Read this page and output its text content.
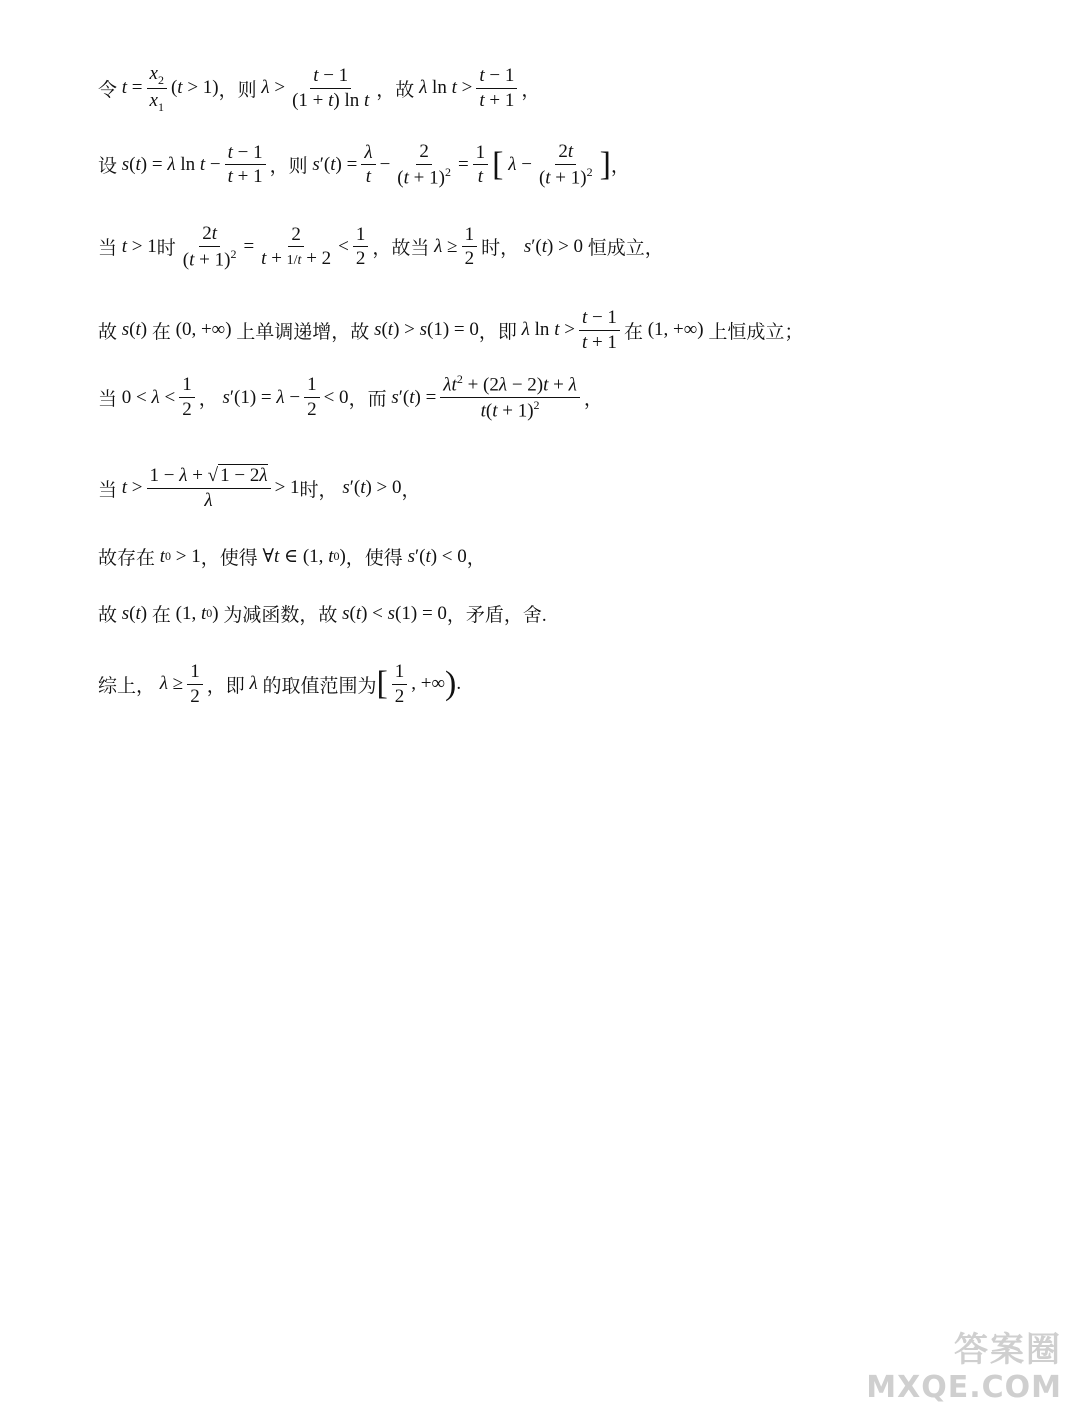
令
$t = \frac{x_2}{x_1}$ ( t > 1) ，则
$\lambda > \frac{t - 1}{\text{(1 + t) ln t}}$ ，故
λ $\ln t > \frac{t - 1}{t + 1}$ ，
设
s ( t ) = λ $\ln t - \frac{t - 1}{t + 1}$ ，则
s ′( t ) = $\frac{\lambda}{t} - \frac{2}{(t + 1)^2} = \frac{1}{t}$ [
$\lambda - \frac{2t}{(t + 1)^2}$ ] ，
当
t > 1 时 $\frac{2t}{(t + 1)^2} = \frac{2}{t + 1/t + 2} < \frac{1}{2}$ ，故当
$\lambda \ge \frac{1}{2}$ 时，
s ′( t ) > 0 恒成立，
故
s ( t ) 在 (0, +∞) 上单调递增，故
s ( t ) > s (1) = 0 ，即
λ $\ln t > \frac{t - 1}{t + 1}$ 在 (1, +∞) 上恒成立；
当 $0 < \lambda < \frac{1}{2}$ ，
s $'(1) = \lambda - \frac{1}{2} < 0$ ，而
s ′( t ) = $\frac{\lambda t^2 + (2\lambda - 2)t + \lambda}{t(t + 1)^2}$ ，
当
$t > \frac{1 - \lambda + √ 1 - 2\lambda}{\lambda} > 1$ 时，
s ′( t ) > 0 ，
故存在
t 0 > 1 ，使得 ∀ t ∈ (1, t 0 ) ，使得
s ′( t ) < 0 ，
故
s ( t ) 在 (1, t 0 ) 为减函数，故
s ( t ) < s (1) = 0 ，矛盾，舍.
综上，
$\lambda \ge \frac{1}{2}$ ，即
λ
的取值范围为 [ $\frac{1}{2}$ , +∞ ) .
答案圈
MXQE.COM
